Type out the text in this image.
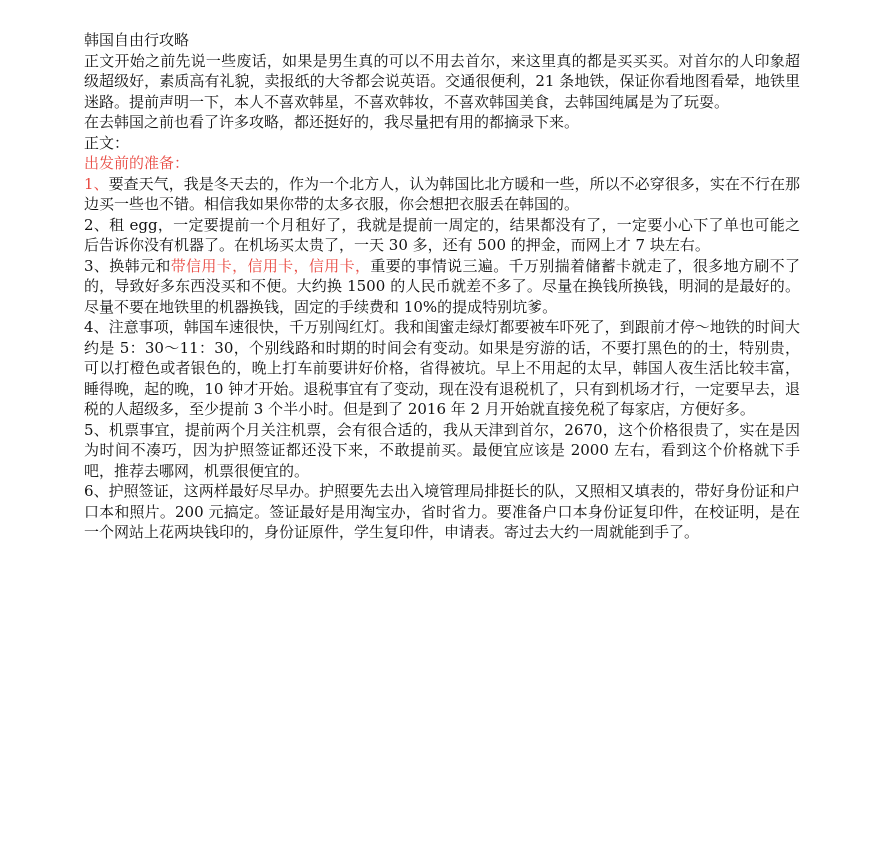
韩国自由行攻略

正文开始之前先说一些废话，如果是男生真的可以不用去首尔，来这里真的都是买买买。对首尔的人印象超级超级好，素质高有礼貌，卖报纸的大爷都会说英语。交通很便利，21 条地铁，保证你看地图看晕，地铁里迷路。提前声明一下，本人不喜欢韩星，不喜欢韩妆，不喜欢韩国美食，去韩国纯属是为了玩耍。

在去韩国之前也看了许多攻略，都还挺好的，我尽量把有用的都摘录下来。

正文：

出发前的准备：

1、要查天气，我是冬天去的，作为一个北方人，认为韩国比北方暖和一些，所以不必穿很多，实在不行在那边买一些也不错。相信我如果你带的太多衣服，你会想把衣服丢在韩国的。

2、租 egg，一定要提前一个月租好了，我就是提前一周定的，结果都没有了，一定要小心下了单也可能之后告诉你没有机器了。在机场买太贵了，一天 30 多，还有 500 的押金，而网上才 7 块左右。

3、换韩元和带信用卡，信用卡，信用卡，重要的事情说三遍。千万别揣着储蓄卡就走了，很多地方刷不了的，导致好多东西没买和不便。大约换 1500 的人民币就差不多了。尽量在换钱所换钱，明洞的是最好的。尽量不要在地铁里的机器换钱，固定的手续费和 10%的提成特别坑爹。

4、注意事项，韩国车速很快，千万别闯红灯。我和闺蜜走绿灯都要被车吓死了，到跟前才停～地铁的时间大约是 5：30～11：30，个别线路和时期的时间会有变动。如果是穷游的话，不要打黑色的的士，特别贵，可以打橙色或者银色的，晚上打车前要讲好价格，省得被坑。早上不用起的太早，韩国人夜生活比较丰富，睡得晚，起的晚，10 钟才开始。退税事宜有了变动，现在没有退税机了，只有到机场才行，一定要早去，退税的人超级多，至少提前 3 个半小时。但是到了 2016 年 2 月开始就直接免税了每家店，方便好多。

5、机票事宜，提前两个月关注机票，会有很合适的，我从天津到首尔，2670，这个价格很贵了，实在是因为时间不凑巧，因为护照签证都还没下来，不敢提前买。最便宜应该是 2000 左右，看到这个价格就下手吧，推荐去哪网，机票很便宜的。

6、护照签证，这两样最好尽早办。护照要先去出入境管理局排挺长的队，又照相又填表的，带好身份证和户口本和照片。200 元搞定。签证最好是用淘宝办，省时省力。要准备户口本身份证复印件，在校证明，是在一个网站上花两块钱印的，身份证原件，学生复印件，申请表。寄过去大约一周就能到手了。
